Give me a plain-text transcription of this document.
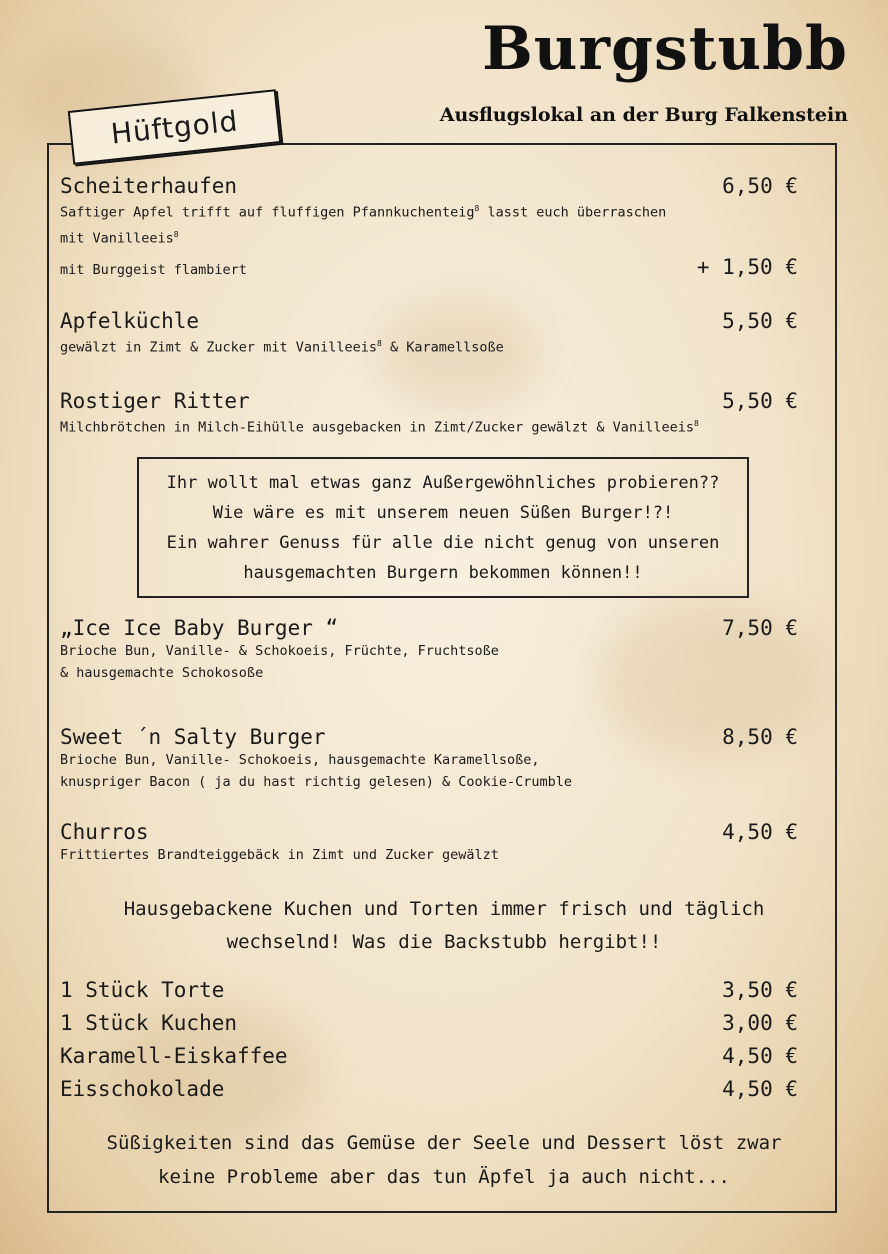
Burgstubb
Ausflugslokal an der Burg Falkenstein
Hüftgold
Scheiterhaufen	6,50 €
Saftiger Apfel trifft auf fluffigen Pfannkuchenteig$^8$ lasst euch überraschen
mit Vanilleeis$^8$
mit Burggeist flambiert	+ 1,50 €
Apfelküchle	5,50 €
gewälzt in Zimt & Zucker mit Vanilleeis$^8$ & Karamellsoße
Rostiger Ritter	5,50 €
Milchbrötchen in Milch-Eihülle ausgebacken in Zimt/Zucker gewälzt & Vanilleeis$^8$
Ihr wollt mal etwas ganz Außergewöhnliches probieren??
Wie wäre es mit unserem neuen Süßen Burger!?!
Ein wahrer Genuss für alle die nicht genug von unseren
hausgemachten Burgern bekommen können!!
„Ice Ice Baby Burger “	7,50 €
Brioche Bun, Vanille- & Schokoeis, Früchte, Fruchtsoße
& hausgemachte Schokosoße
Sweet ´n Salty Burger	8,50 €
Brioche Bun, Vanille- Schokoeis, hausgemachte Karamellsoße,
knuspriger Bacon ( ja du hast richtig gelesen) & Cookie-Crumble
Churros	4,50 €
Frittiertes Brandteiggebäck in Zimt und Zucker gewälzt
Hausgebackene Kuchen und Torten immer frisch und täglich
wechselnd! Was die Backstubb hergibt!!
1 Stück Torte	3,50 €
1 Stück Kuchen	3,00 €
Karamell-Eiskaffee	4,50 €
Eisschokolade	4,50 €
Süßigkeiten sind das Gemüse der Seele und Dessert löst zwar
keine Probleme aber das tun Äpfel ja auch nicht...
